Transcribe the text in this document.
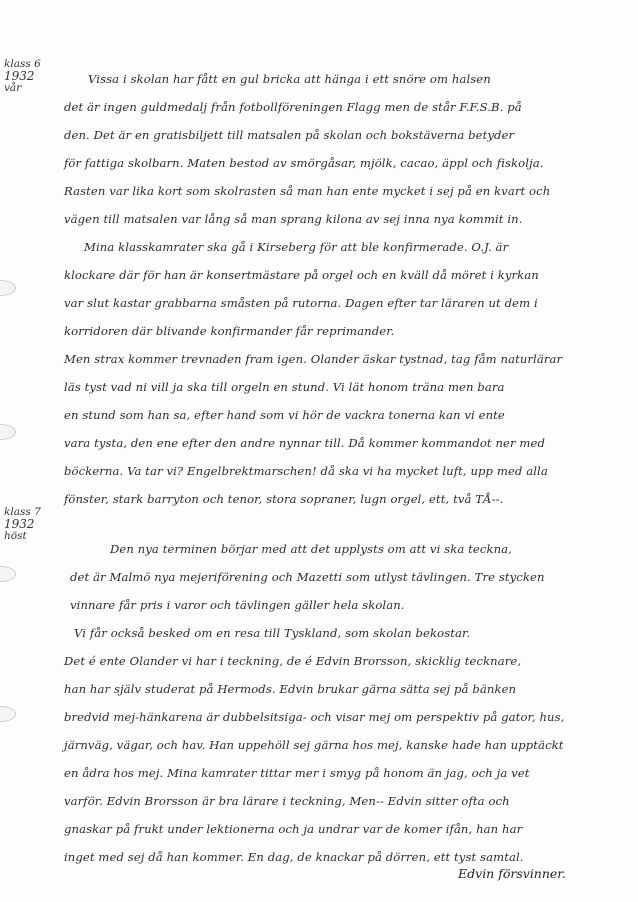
klass 6
1932
vår
klass 7
1932
höst
Vissa i skolan har fått en gul bricka att hänga i ett snöre om halsen
det är ingen guldmedalj från fotbollföreningen Flagg men de står F.F.S.B. på
den. Det är en gratisbiljett till matsalen på skolan och bokstäverna betyder
för fattiga skolbarn. Maten bestod av smörgåsar, mjölk, cacao, äppl och fiskolja.
Rasten var lika kort som skolrasten så man han ente mycket i sej på en kvart och
vägen till matsalen var lång så man sprang kilona av sej inna nya kommit in.
Mina klasskamrater ska gå i Kirseberg för att ble konfirmerade. O.J. är
klockare där för han är konsertmästare på orgel och en kväll då möret i kyrkan
var slut kastar grabbarna småsten på rutorna. Dagen efter tar läraren ut dem i
korridoren där blivande konfirmander får reprimander.
Men strax kommer trevnaden fram igen. Olander äskar tystnad, tag fåm naturlärar
läs tyst vad ni vill ja ska till orgeln en stund. Vi lät honom träna men bara
en stund som han sa, efter hand som vi hör de vackra tonerna kan vi ente
vara tysta, den ene efter den andre nynnar till. Då kommer kommandot ner med
böckerna. Va tar vi? Engelbrektmarschen! då ska vi ha mycket luft, upp med alla
fönster, stark barryton och tenor, stora sopraner, lugn orgel, ett, två TÅ--.
Den nya terminen börjar med att det upplysts om att vi ska teckna,
det är Malmö nya mejeriförening och Mazetti som utlyst tävlingen. Tre stycken
vinnare får pris i varor och tävlingen gäller hela skolan.
Vi får också besked om en resa till Tyskland, som skolan bekostar.
Det é ente Olander vi har i teckning, de é Edvin Brorsson, skicklig tecknare,
han har själv studerat på Hermods. Edvin brukar gärna sätta sej på bänken
bredvid mej-hänkarena är dubbelsitsiga- och visar mej om perspektiv på gator, hus,
järnväg, vägar, och hav. Han uppehöll sej gärna hos mej, kanske hade han upptäckt
en ådra hos mej. Mina kamrater tittar mer i smyg på honom än jag, och ja vet
varför. Edvin Brorsson är bra lärare i teckning, Men-- Edvin sitter ofta och
gnaskar på frukt under lektionerna och ja undrar var de komer ifån, han har
inget med sej då han kommer. En dag, de knackar på dörren, ett tyst samtal.
Edvin försvinner.
